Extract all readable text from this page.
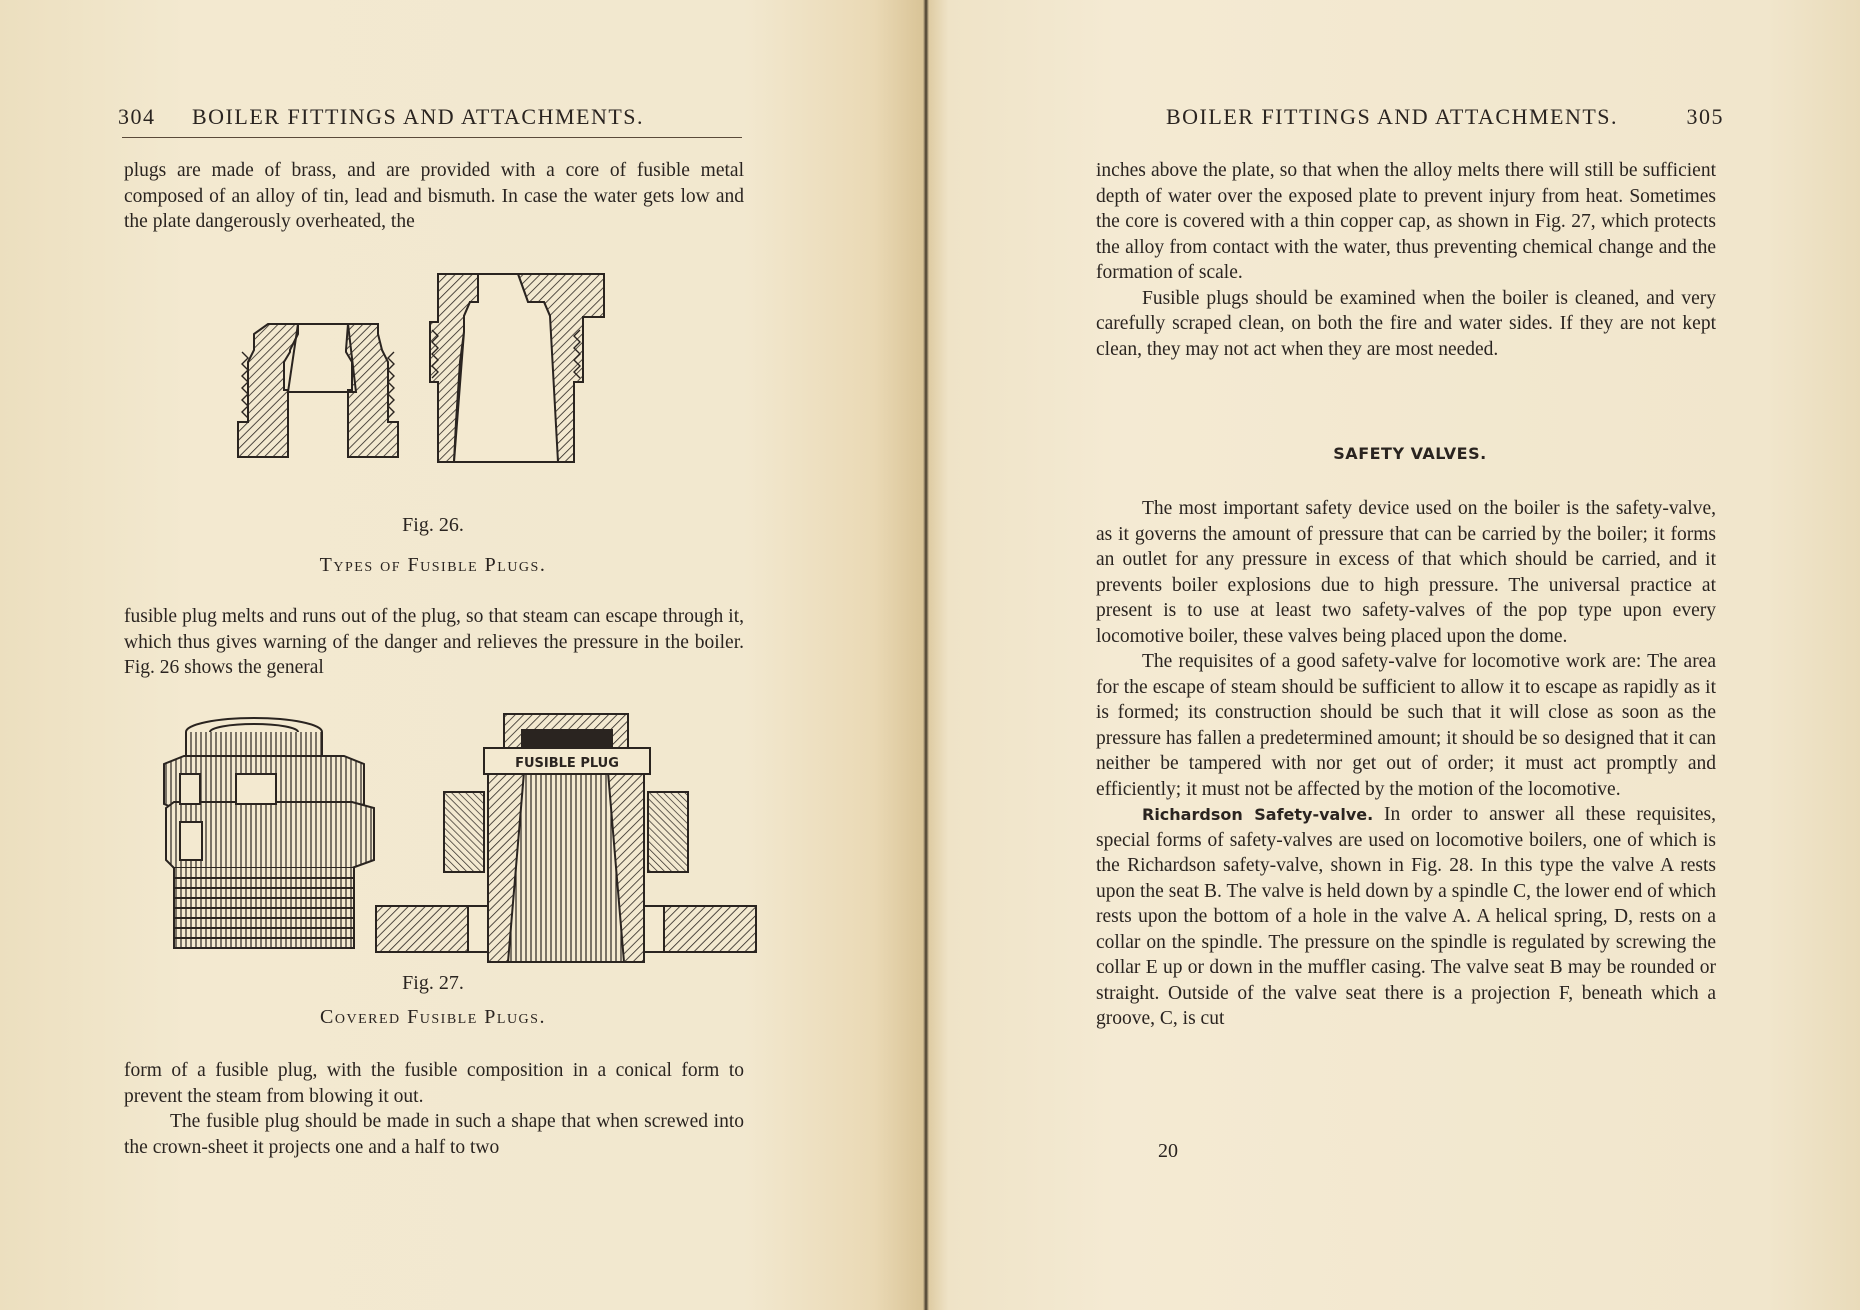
304 BOILER FITTINGS AND ATTACHMENTS.

plugs are made of brass, and are provided with a core of fusible metal composed of an alloy of tin, lead and bismuth. In case the water gets low and the plate dangerously overheated, the

Fig. 26.
Types of Fusible Plugs.

fusible plug melts and runs out of the plug, so that steam can escape through it, which thus gives warning of the danger and relieves the pressure in the boiler. Fig. 26 shows the general

FUSIBLE PLUG
Fig. 27.
Covered Fusible Plugs.

form of a fusible plug, with the fusible composition in a conical form to prevent the steam from blowing it out.

The fusible plug should be made in such a shape that when screwed into the crown-sheet it projects one and a half to two

BOILER FITTINGS AND ATTACHMENTS.	305

inches above the plate, so that when the alloy melts there will still be sufficient depth of water over the exposed plate to prevent injury from heat. Sometimes the core is covered with a thin copper cap, as shown in Fig. 27, which protects the alloy from contact with the water, thus preventing chemical change and the formation of scale.

Fusible plugs should be examined when the boiler is cleaned, and very carefully scraped clean, on both the fire and water sides. If they are not kept clean, they may not act when they are most needed.

SAFETY VALVES.

The most important safety device used on the boiler is the safety-valve, as it governs the amount of pressure that can be carried by the boiler; it forms an outlet for any pressure in excess of that which should be carried, and it prevents boiler explosions due to high pressure. The universal practice at present is to use at least two safety-valves of the pop type upon every locomotive boiler, these valves being placed upon the dome.

The requisites of a good safety-valve for locomotive work are: The area for the escape of steam should be sufficient to allow it to escape as rapidly as it is formed; its construction should be such that it will close as soon as the pressure has fallen a predetermined amount; it should be so designed that it can neither be tampered with nor get out of order; it must act promptly and efficiently; it must not be affected by the motion of the locomotive.

Richardson Safety-valve. In order to answer all these requisites, special forms of safety-valves are used on locomotive boilers, one of which is the Richardson safety-valve, shown in Fig. 28. In this type the valve A rests upon the seat B. The valve is held down by a spindle C, the lower end of which rests upon the bottom of a hole in the valve A. A helical spring, D, rests on a collar on the spindle. The pressure on the spindle is regulated by screwing the collar E up or down in the muffler casing. The valve seat B may be rounded or straight. Outside of the valve seat there is a projection F, beneath which a groove, C, is cut

20
